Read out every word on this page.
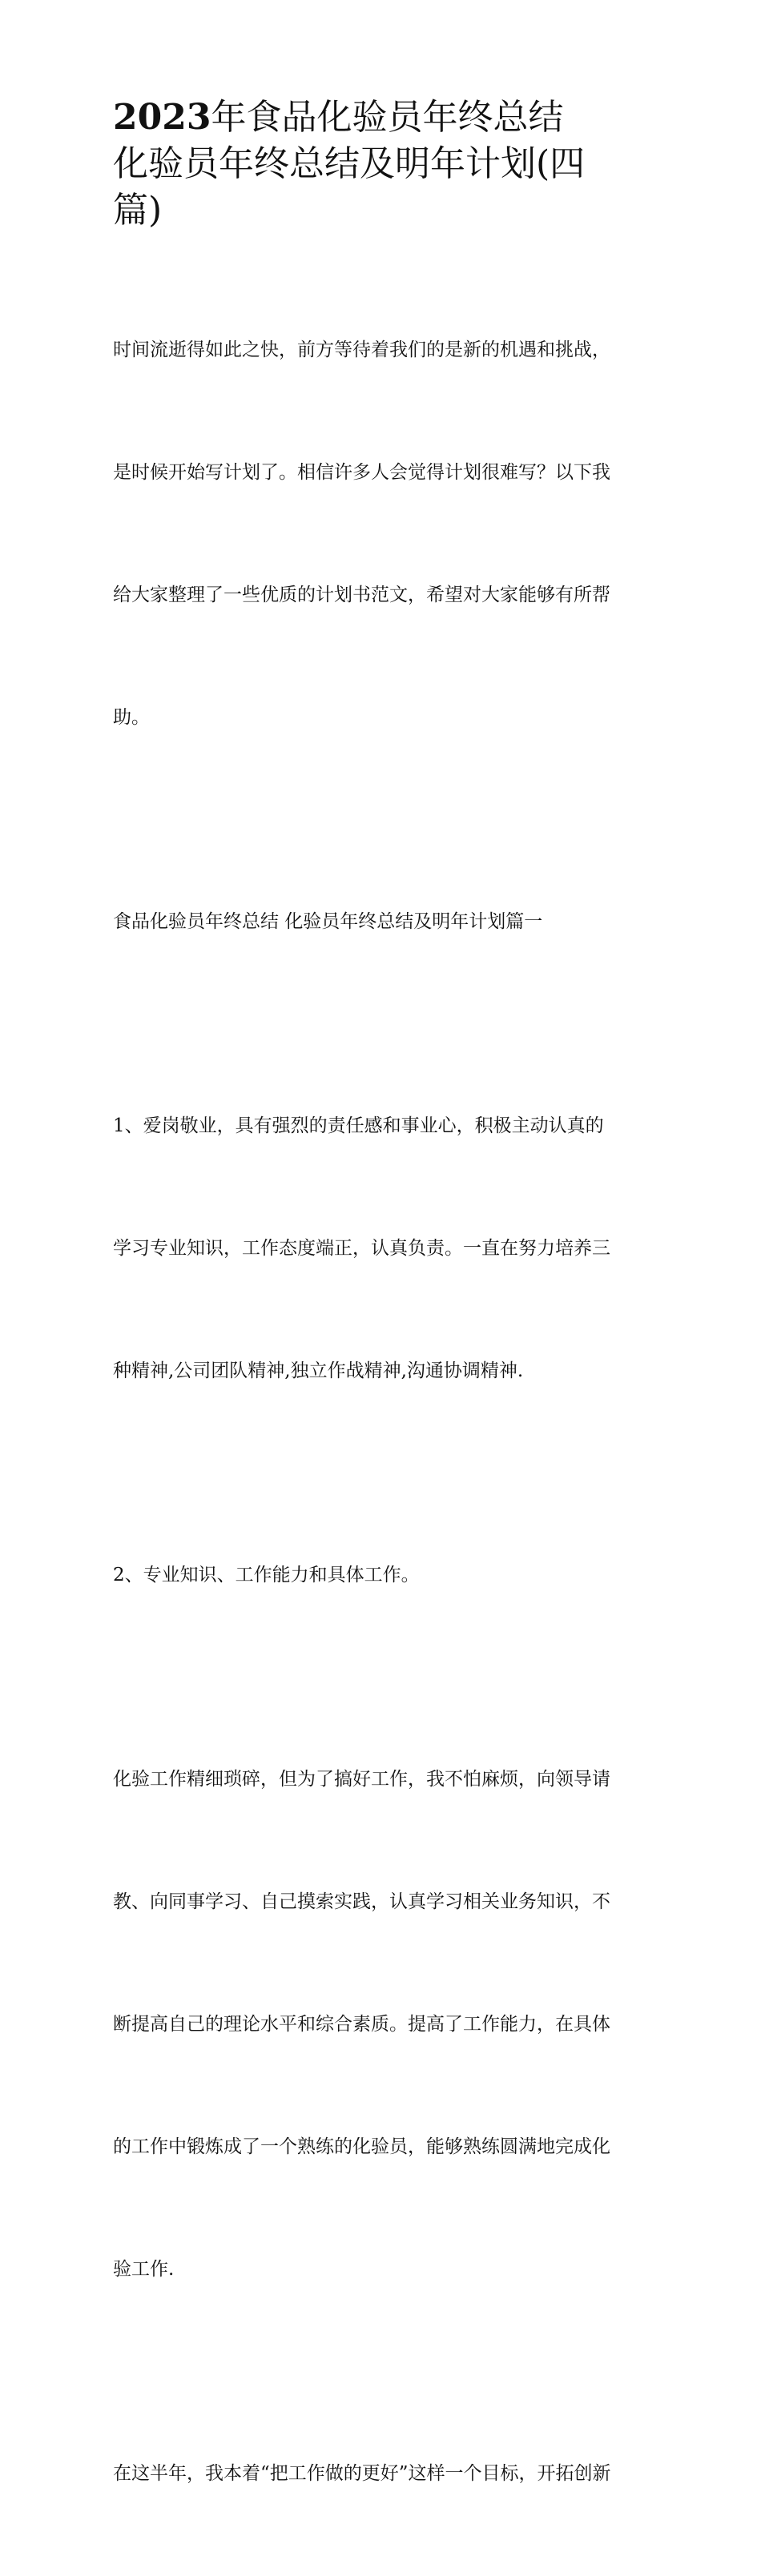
2023年食品化验员年终总结
化验员年终总结及明年计划(四
篇)

时间流逝得如此之快，前方等待着我们的是新的机遇和挑战，

是时候开始写计划了。相信许多人会觉得计划很难写？以下我

给大家整理了一些优质的计划书范文，希望对大家能够有所帮

助。

食品化验员年终总结 化验员年终总结及明年计划篇一

1、爱岗敬业，具有强烈的责任感和事业心，积极主动认真的

学习专业知识，工作态度端正，认真负责。一直在努力培养三

种精神,公司团队精神,独立作战精神,沟通协调精神.

2、专业知识、工作能力和具体工作。

化验工作精细琐碎，但为了搞好工作，我不怕麻烦，向领导请

教、向同事学习、自己摸索实践，认真学习相关业务知识，不

断提高自己的理论水平和综合素质。提高了工作能力，在具体

的工作中锻炼成了一个熟练的化验员，能够熟练圆满地完成化

验工作.

在这半年，我本着“把工作做的更好”这样一个目标，开拓创新
